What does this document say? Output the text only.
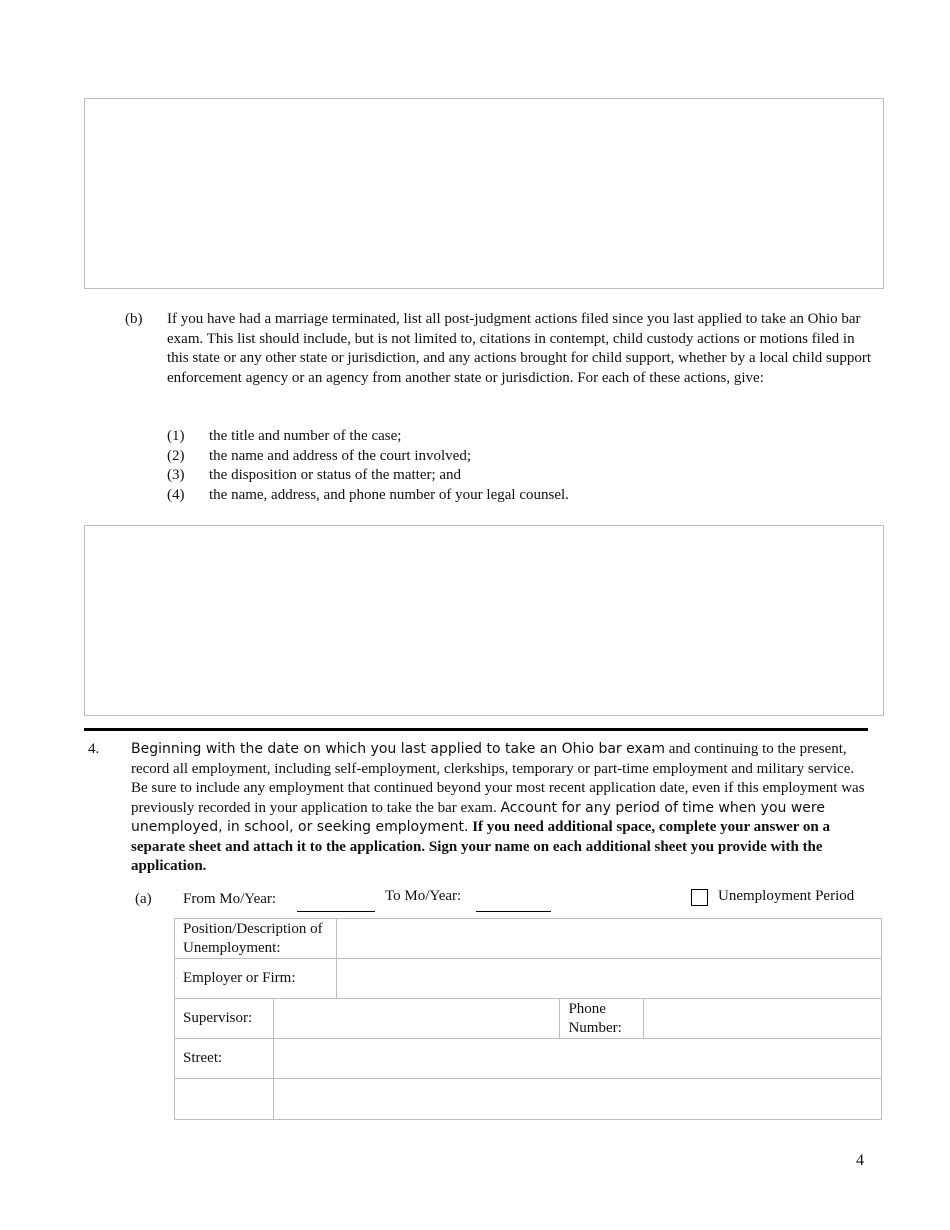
(b) If you have had a marriage terminated, list all post-judgment actions filed since you last applied to take an Ohio bar exam. This list should include, but is not limited to, citations in contempt, child custody actions or motions filed in this state or any other state or jurisdiction, and any actions brought for child support, whether by a local child support enforcement agency or an agency from another state or jurisdiction. For each of these actions, give:
(1) the title and number of the case;
(2) the name and address of the court involved;
(3) the disposition or status of the matter; and
(4) the name, address, and phone number of your legal counsel.
4. Beginning with the date on which you last applied to take an Ohio bar exam and continuing to the present, record all employment, including self-employment, clerkships, temporary or part-time employment and military service. Be sure to include any employment that continued beyond your most recent application date, even if this employment was previously recorded in your application to take the bar exam. Account for any period of time when you were unemployed, in school, or seeking employment. If you need additional space, complete your answer on a separate sheet and attach it to the application. Sign your name on each additional sheet you provide with the application.
(a) From Mo/Year:	To Mo/Year:	Unemployment Period
Position/Description of Unemployment:				
Employer or Firm:				
Supervisor:			Phone Number:	
Street:				

4
